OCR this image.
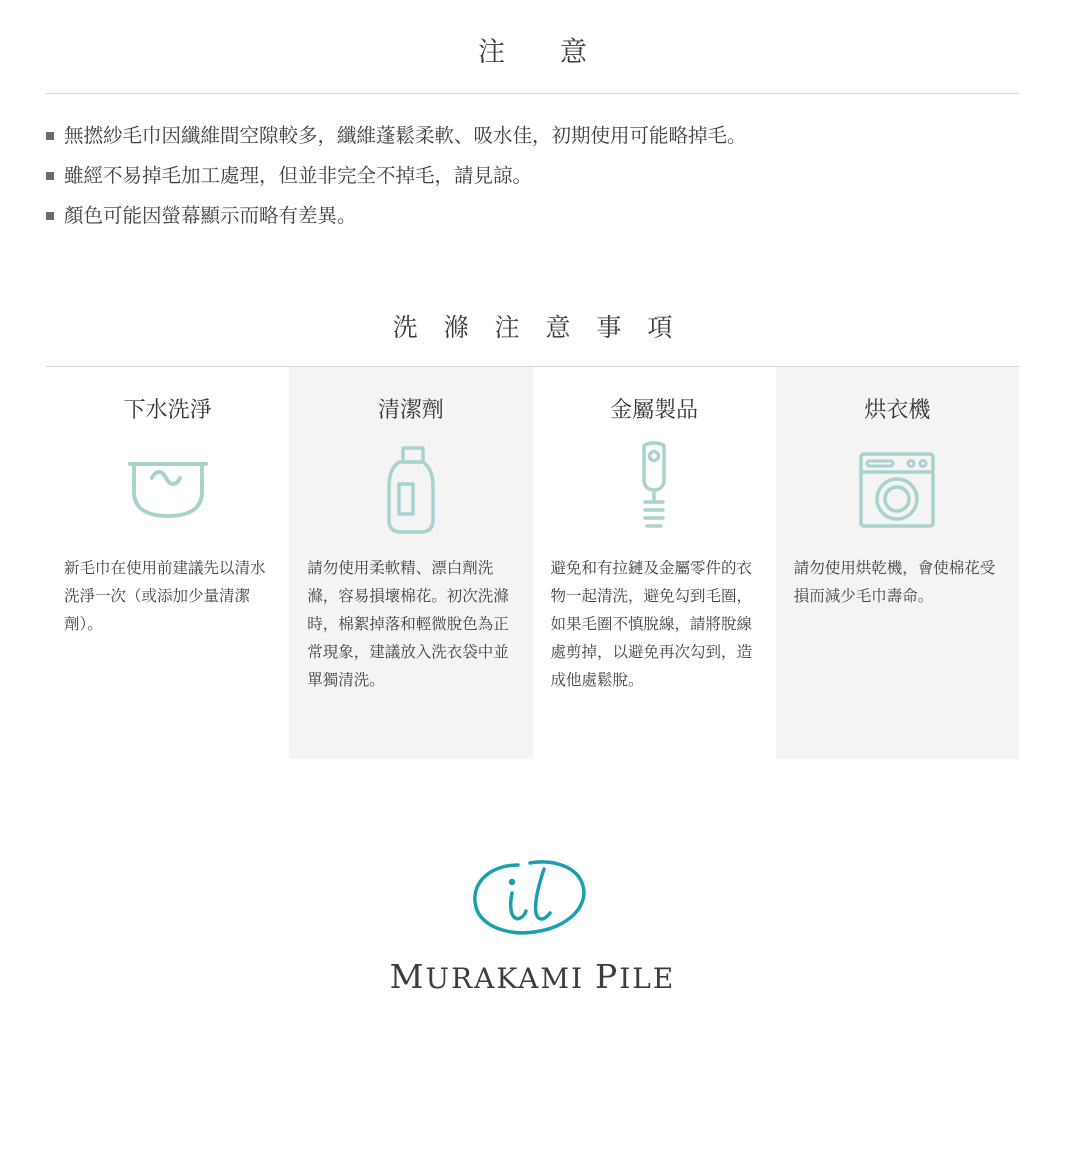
注　意
無撚紗毛巾因纖維間空隙較多，纖維蓬鬆柔軟、吸水佳，初期使用可能略掉毛。
雖經不易掉毛加工處理，但並非完全不掉毛，請見諒。
顏色可能因螢幕顯示而略有差異。
洗 滌 注 意 事 項
下水洗淨
新毛巾在使用前建議先以清水洗淨一次（或添加少量清潔劑）。
清潔劑
請勿使用柔軟精、漂白劑洗滌，容易損壞棉花。初次洗滌時，棉絮掉落和輕微脫色為正常現象，建議放入洗衣袋中並單獨清洗。
金屬製品
避免和有拉鏈及金屬零件的衣物一起清洗，避免勾到毛圈，如果毛圈不慎脫線，請將脫線處剪掉，以避免再次勾到，造成他處鬆脫。
烘衣機
請勿使用烘乾機，會使棉花受損而減少毛巾壽命。
MURAKAMI PILE
